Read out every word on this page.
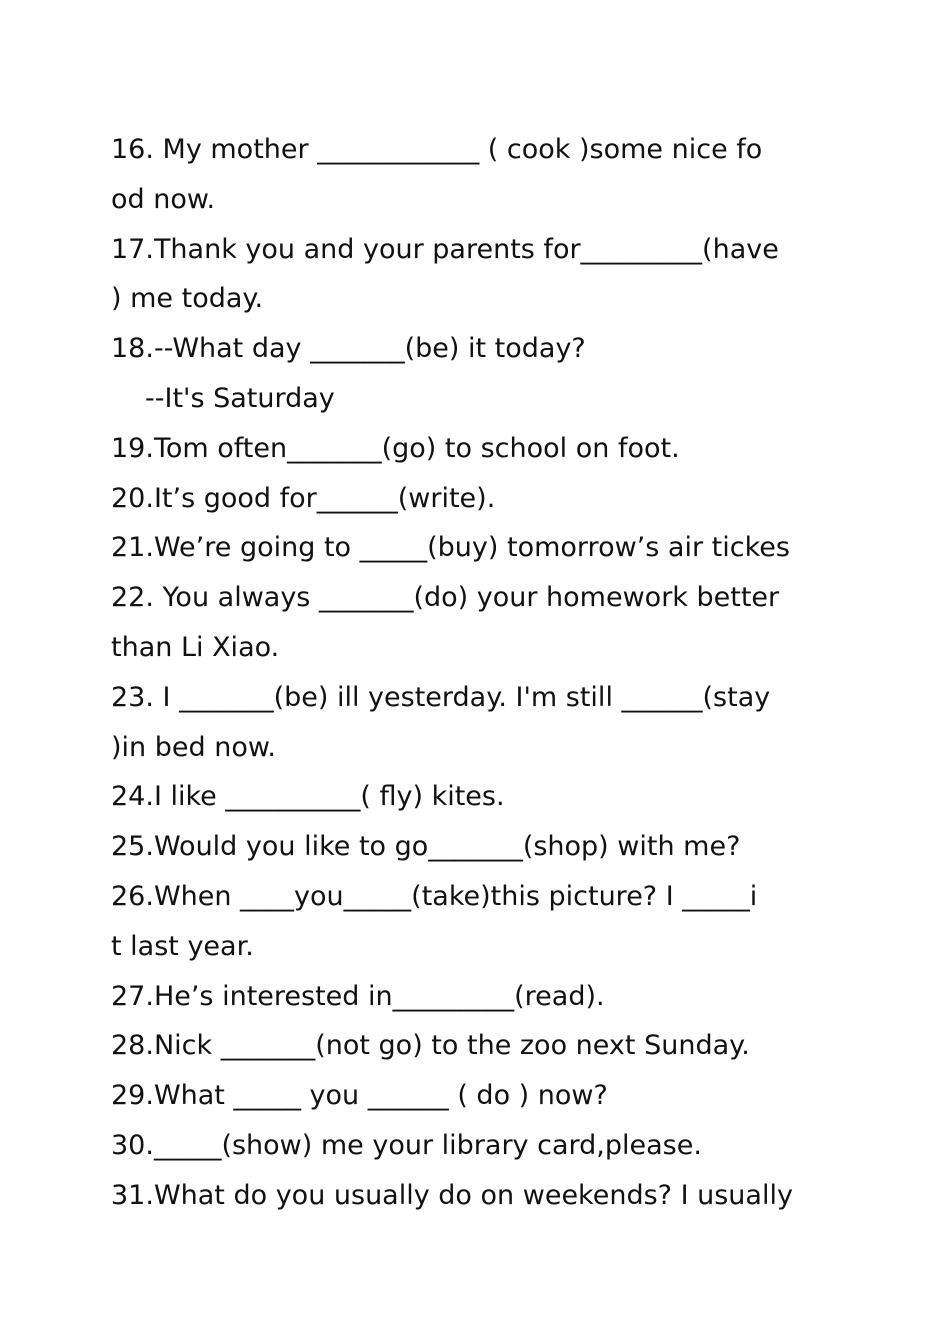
16. My mother ____________ ( cook )some nice fo
od now.
17.Thank you and your parents for_________(have
) me today.
18.--What day _______(be) it today?
--It's Saturday
19.Tom often_______(go) to school on foot.
20.It’s good for______(write).
21.We’re going to _____(buy) tomorrow’s air tickes
22. You always _______(do) your homework better
than Li Xiao.
23. I _______(be) ill yesterday. I'm still ______(stay
)in bed now.
24.I like __________( fly) kites.
25.Would you like to go_______(shop) with me?
26.When ____you_____(take)this picture? I _____i
t last year.
27.He’s interested in_________(read).
28.Nick _______(not go) to the zoo next Sunday.
29.What _____ you ______ ( do ) now?
30._____(show) me your library card,please.
31.What do you usually do on weekends? I usually
